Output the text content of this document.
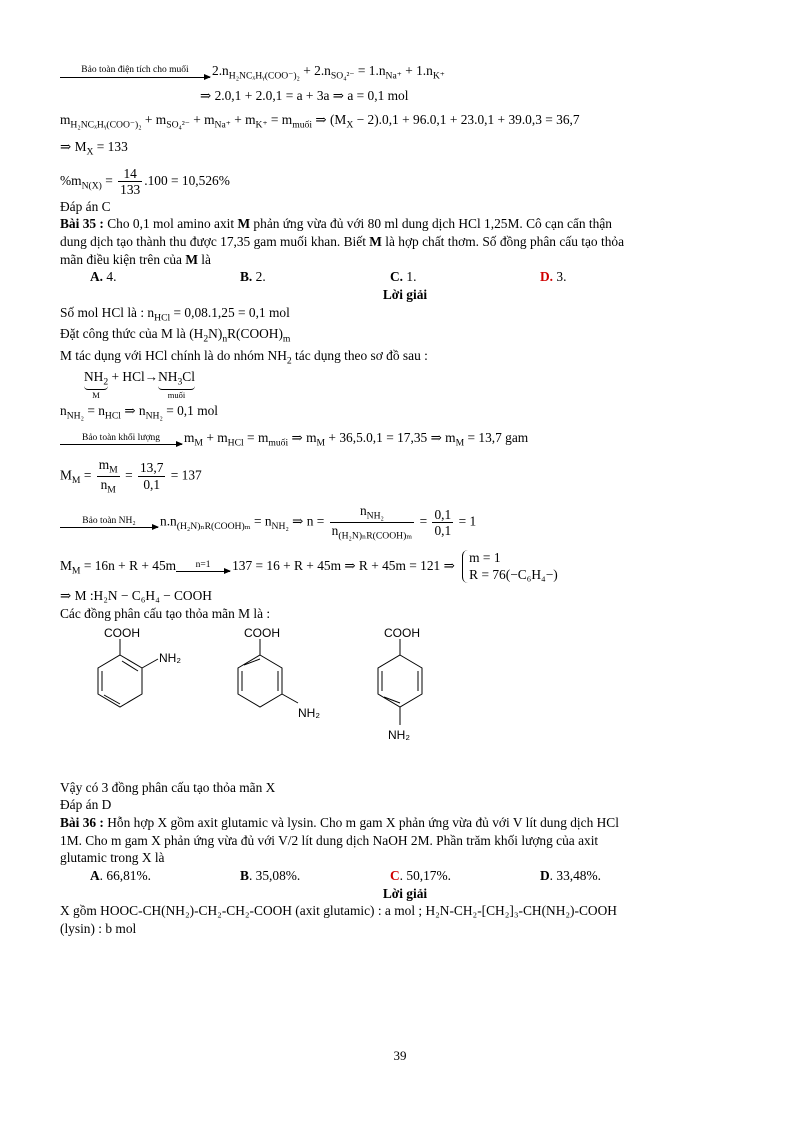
Bảo toàn điện tích cho muối	$2.n_{H_2NC_xHᵧ(COO^-)_2} + 2.n_{SO_4^{2-}} = 1.n_{Na^+} + 1.n_{K^+}$
⇒ 2.0,1 + 2.0,1 = a + 3a ⇒ a = 0,1 mol
$m_{H_2NC_xHᵧ(COO^-)_2} + m_{SO_4^{2-}} + m_{Na^+} + m_{K^+} = m_{muối}$ ⇒ $(M_X - 2).0,1 + 96.0,1 + 23.0,1 + 39.0,3 = 36,7$
⇒ $M_X = 133$
$\%m_{N(X)} = \frac{14}{133} .100 = 10,526\%$
Đáp án C
Bài 35 : Cho 0,1 mol amino axit M phản ứng vừa đủ với 80 ml dung dịch HCl 1,25M. Cô cạn cẩn thận
dung dịch tạo thành thu được 17,35 gam muối khan. Biết M là hợp chất thơm. Số đồng phân cấu tạo thỏa
mãn điều kiện trên của M là
A. 4.	B. 2.	C. 1.	D. 3.
Lời giải
Số mol HCl là : $n_{HCl} = 0,08.1,25 = 0,1$ mol
Đặt công thức của M là $(H_2N)_nR(COOH)_m$
M tác dụng với HCl chính là do nhóm $NH_2$ tác dụng theo sơ đồ sau :
$NH_2$
M
+ $HCl\to NH_3Cl$
muối
$n_{NH_2} = n_{HCl}$ ⇒ $n_{NH_2} = 0,1$ mol
Bảo toàn khối lượng	$m_M + m_{HCl} = m_{muối}$ ⇒ $m_M + 36,5.0,1 = 17,35$ ⇒ $m_M = 13,7$ gam
$M_M = \frac{m_M}{n_M} = \frac{13,7}{0,1} = 137$
Bảo toàn NH₂	$n.n_{(H_2N)_nR(COOH)_m} = n_{NH_2}$ ⇒ $n = \frac{n_{NH_2}}{n_{(H_2N)_nR(COOH)_m}} = \frac{0,1}{0,1} = 1$
$M_M = 16n + R + 45m$	n=1	137 = 16 + R + 45m ⇒ R + 45m = 121 ⇒
m = 1
R = 76(−C₆H₄−)
⇒ M :H₂N − C₆H₄ − COOH
Các đồng phân cấu tạo thỏa mãn M là :
COOH
NH₂
COOH
NH₂
COOH
NH₂
Vậy có 3 đồng phân cấu tạo thỏa mãn X
Đáp án D
Bài 36 : Hỗn hợp X gồm axit glutamic và lysin. Cho m gam X phản ứng vừa đủ với V lít dung dịch HCl
1M. Cho m gam X phản ứng vừa đủ với V/2 lít dung dịch NaOH 2M. Phần trăm khối lượng của axit
glutamic trong X là
A. 66,81%.	B. 35,08%.	C. 50,17%.	D. 33,48%.
Lời giải
X gồm HOOC-CH(NH₂)-CH₂-CH₂-COOH (axit glutamic) : a mol ; H₂N-CH₂-[CH₂]₃-CH(NH₂)-COOH
(lysin) : b mol
39
